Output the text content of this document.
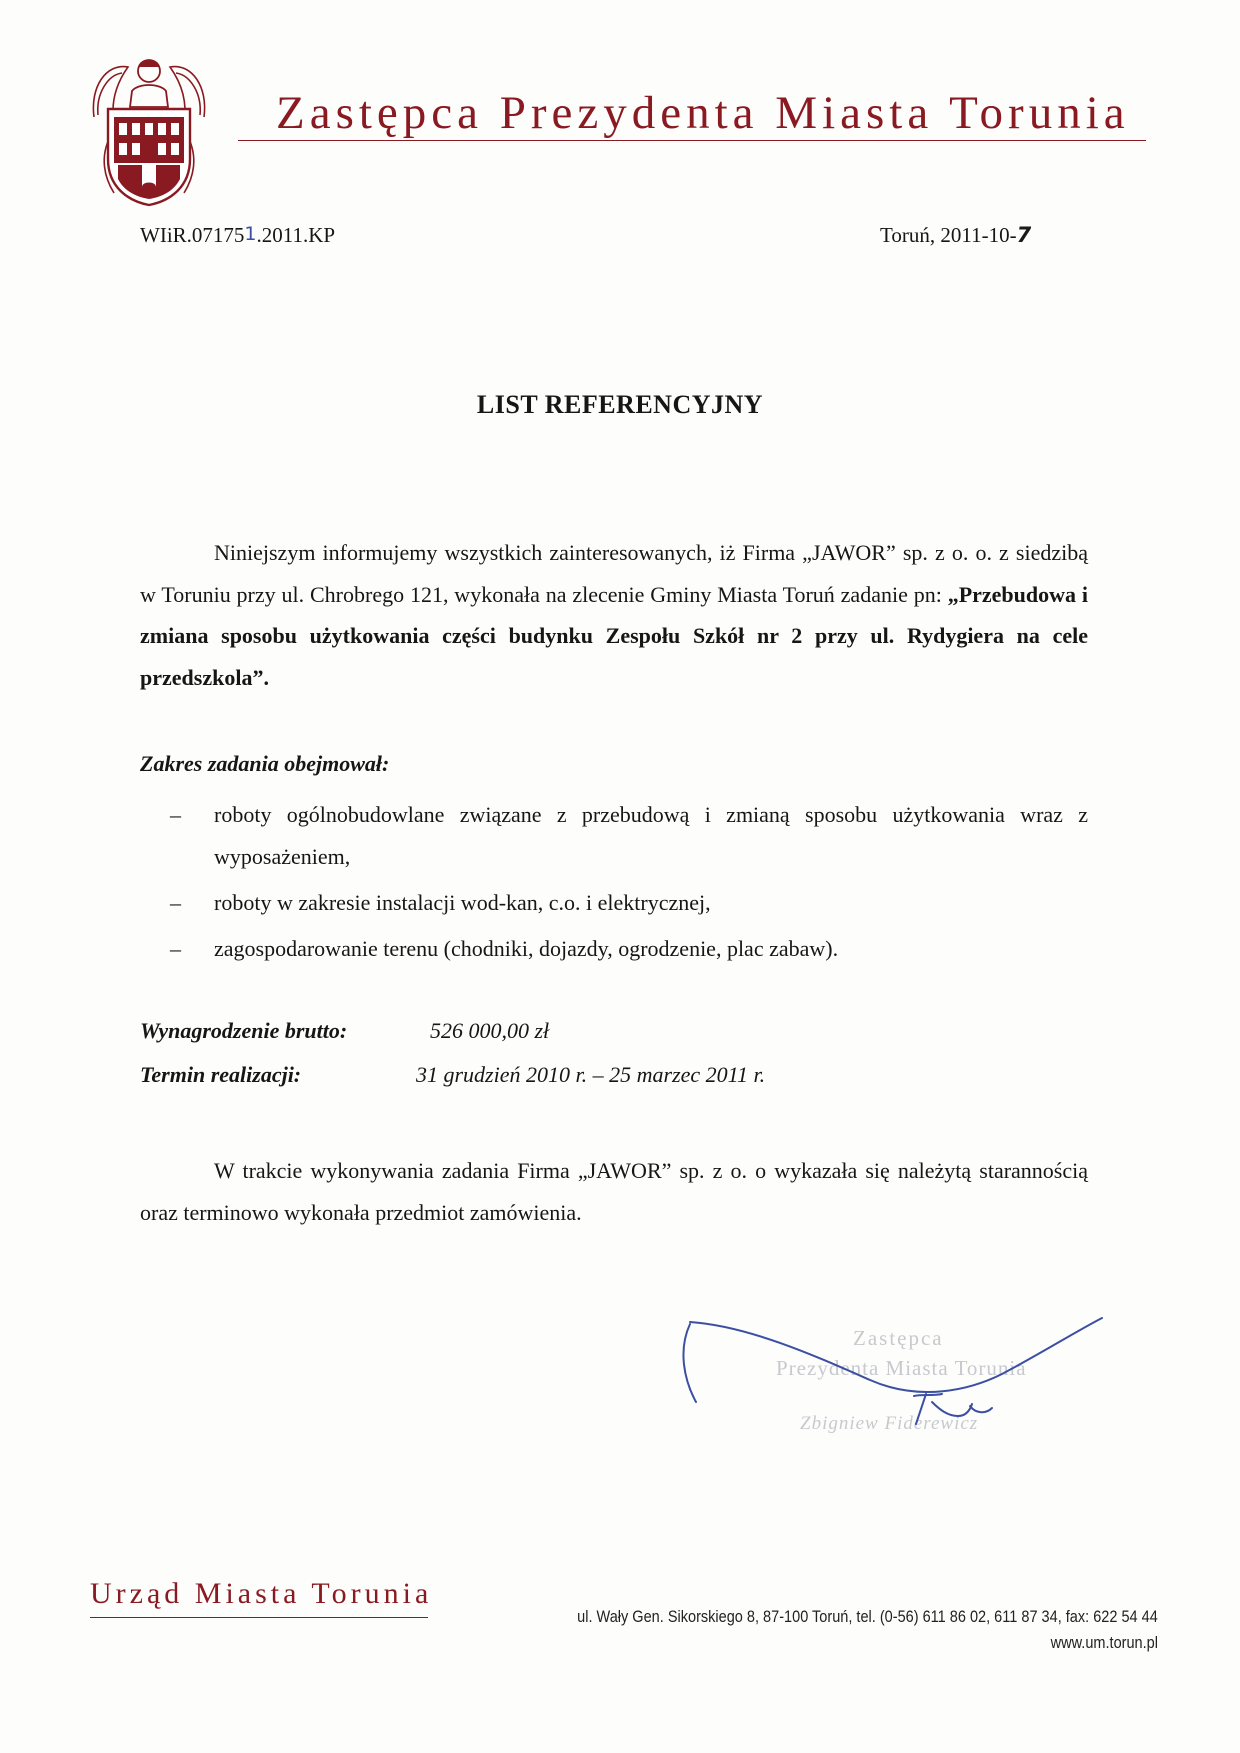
Zastępca Prezydenta Miasta Torunia
WIiR.071751.2011.KP	Toruń, 2011-10-7
LIST REFERENCYJNY
Niniejszym informujemy wszystkich zainteresowanych, iż Firma „JAWOR” sp. z o. o. z siedzibą w Toruniu przy ul. Chrobrego 121, wykonała na zlecenie Gminy Miasta Toruń zadanie pn: „Przebudowa i zmiana sposobu użytkowania części budynku Zespołu Szkół nr 2 przy ul. Rydygiera na cele przedszkola”.
Zakres zadania obejmował:
– roboty ogólnobudowlane związane z przebudową i zmianą sposobu użytkowania wraz z wyposażeniem,
– roboty w zakresie instalacji wod-kan, c.o. i elektrycznej,
– zagospodarowanie terenu (chodniki, dojazdy, ogrodzenie, plac zabaw).
Wynagrodzenie brutto:	526 000,00 zł
Termin realizacji:	31 grudzień 2010 r. – 25 marzec 2011 r.
W trakcie wykonywania zadania Firma „JAWOR” sp. z o. o wykazała się należytą starannością oraz terminowo wykonała przedmiot zamówienia.
Zastępca
Prezydenta Miasta Torunia
Zbigniew Fiderewicz
Urząd Miasta Torunia
ul. Wały Gen. Sikorskiego 8, 87-100 Toruń, tel. (0-56) 611 86 02, 611 87 34, fax: 622 54 44
www.um.torun.pl
